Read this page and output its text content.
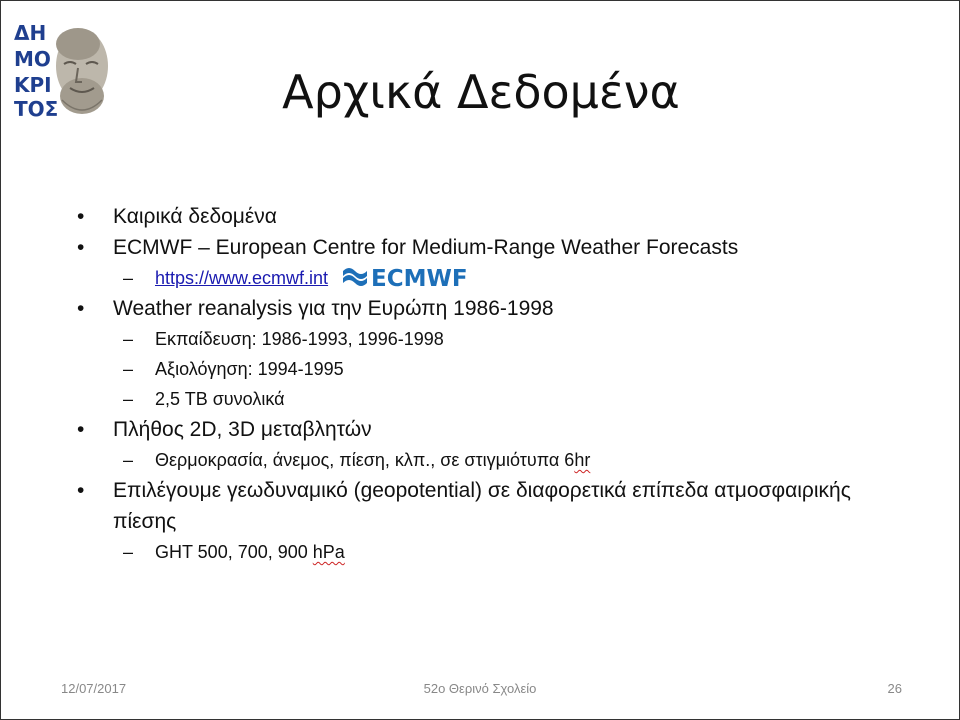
ΔΗ
ΜΟ
ΚΡΙ
ΤΟΣ	Αρχικά Δεδομένα
• Καιρικά δεδομένα
• ECMWF – European Centre for Medium-Range Weather Forecasts
– https://www.ecmwf.int ECMWF
• Weather reanalysis για την Ευρώπη 1986-1998
– Εκπαίδευση: 1986-1993, 1996-1998
– Αξιολόγηση: 1994-1995
– 2,5 TB συνολικά
• Πλήθος 2D, 3D μεταβλητών
– Θερμοκρασία, άνεμος, πίεση, κλπ., σε στιγμιότυπα 6hr
• Επιλέγουμε γεωδυναμικό (geopotential) σε διαφορετικά επίπεδα ατμοσφαιρικής πίεσης
– GHT 500, 700, 900 hPa
12/07/2017	52ο Θερινό Σχολείο	26
